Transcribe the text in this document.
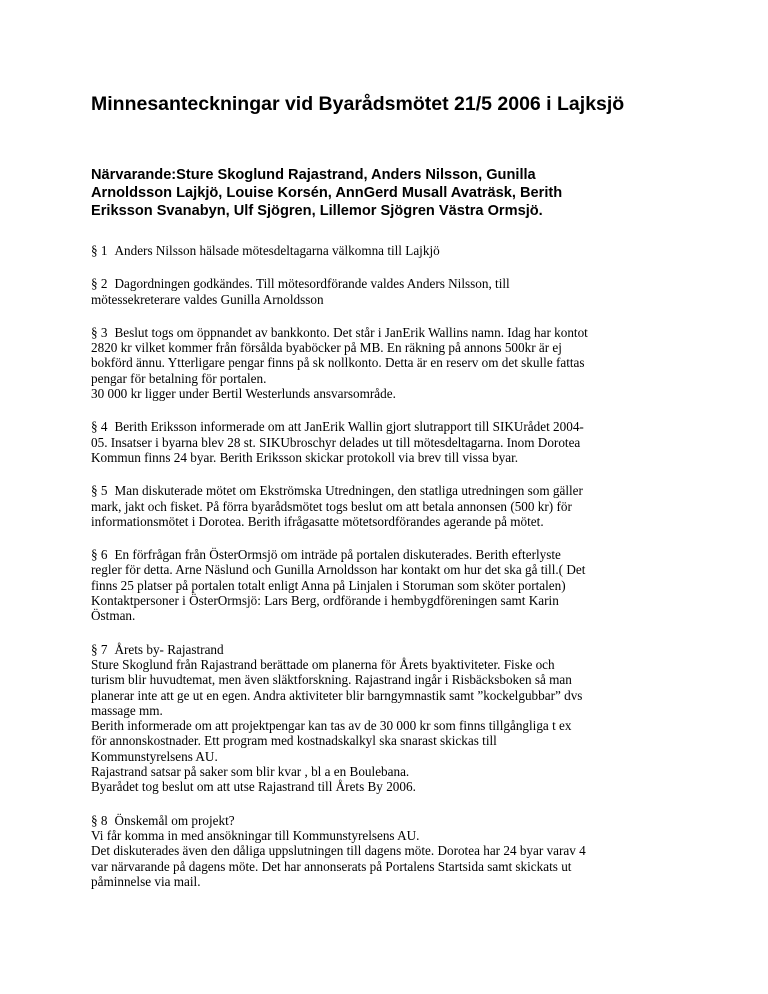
Minnesanteckningar vid Byarådsmötet 21/5 2006 i Lajksjö

Närvarande:Sture Skoglund Rajastrand, Anders Nilsson, Gunilla
Arnoldsson Lajkjö, Louise Korsén, AnnGerd Musall Avaträsk, Berith
Eriksson Svanabyn, Ulf Sjögren, Lillemor Sjögren Västra Ormsjö.

§ 1 Anders Nilsson hälsade mötesdeltagarna välkomna till Lajkjö

§ 2 Dagordningen godkändes. Till mötesordförande valdes Anders Nilsson, till
mötessekreterare valdes Gunilla Arnoldsson

§ 3 Beslut togs om öppnandet av bankkonto. Det står i JanErik Wallins namn. Idag har kontot
2820 kr vilket kommer från försålda byaböcker på MB. En räkning på annons 500kr är ej
bokförd ännu. Ytterligare pengar finns på sk nollkonto. Detta är en reserv om det skulle fattas
pengar för betalning för portalen.
30 000 kr ligger under Bertil Westerlunds ansvarsområde.

§ 4 Berith Eriksson informerade om att JanErik Wallin gjort slutrapport till SIKUrådet 2004-
05. Insatser i byarna blev 28 st. SIKUbroschyr delades ut till mötesdeltagarna. Inom Dorotea
Kommun finns 24 byar. Berith Eriksson skickar protokoll via brev till vissa byar.

§ 5 Man diskuterade mötet om Ekströmska Utredningen, den statliga utredningen som gäller
mark, jakt och fisket. På förra byarådsmötet togs beslut om att betala annonsen (500 kr) för
informationsmötet i Dorotea. Berith ifrågasatte mötetsordförandes agerande på mötet.

§ 6 En förfrågan från ÖsterOrmsjö om inträde på portalen diskuterades. Berith efterlyste
regler för detta. Arne Näslund och Gunilla Arnoldsson har kontakt om hur det ska gå till.( Det
finns 25 platser på portalen totalt enligt Anna på Linjalen i Storuman som sköter portalen)
Kontaktpersoner i ÖsterOrmsjö: Lars Berg, ordförande i hembygdföreningen samt Karin
Östman.

§ 7 Årets by- Rajastrand
Sture Skoglund från Rajastrand berättade om planerna för Årets byaktiviteter. Fiske och
turism blir huvudtemat, men även släktforskning. Rajastrand ingår i Risbäcksboken så man
planerar inte att ge ut en egen. Andra aktiviteter blir barngymnastik samt ”kockelgubbar” dvs
massage mm.
Berith informerade om att projektpengar kan tas av de 30 000 kr som finns tillgångliga t ex
för annonskostnader. Ett program med kostnadskalkyl ska snarast skickas till
Kommunstyrelsens AU.
Rajastrand satsar på saker som blir kvar , bl a en Boulebana.
Byarådet tog beslut om att utse Rajastrand till Årets By 2006.

§ 8 Önskemål om projekt?
Vi får komma in med ansökningar till Kommunstyrelsens AU.
Det diskuterades även den dåliga uppslutningen till dagens möte. Dorotea har 24 byar varav 4
var närvarande på dagens möte. Det har annonserats på Portalens Startsida samt skickats ut
påminnelse via mail.
